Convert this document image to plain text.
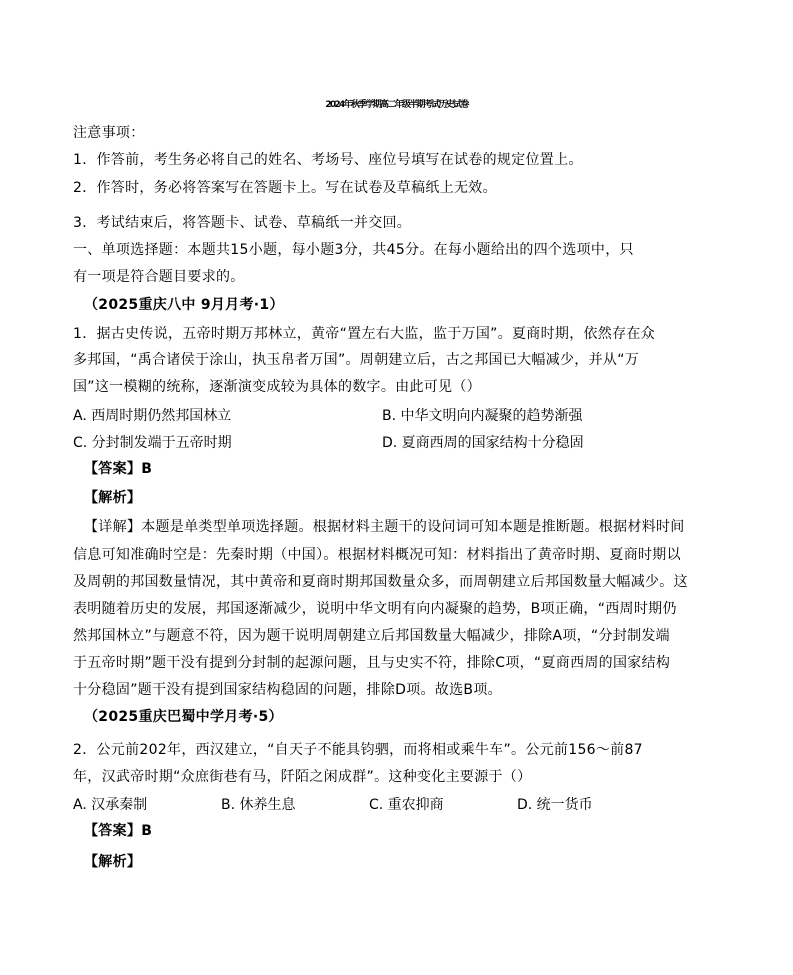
2024年秋季学期高二年级半期考试历史试卷
注意事项：
1．作答前，考生务必将自己的姓名、考场号、座位号填写在试卷的规定位置上。
2．作答时，务必将答案写在答题卡上。写在试卷及草稿纸上无效。
3．考试结束后，将答题卡、试卷、草稿纸一并交回。
一、单项选择题：本题共15小题，每小题3分，共45分。在每小题给出的四个选项中，只
有一项是符合题目要求的。
（2025重庆八中 9月月考·1）
1．据古史传说，五帝时期万邦林立，黄帝“置左右大监，监于万国”。夏商时期，依然存在众
多邦国，“禹合诸侯于涂山，执玉帛者万国”。周朝建立后，古之邦国已大幅减少，并从“万
国”这一模糊的统称，逐渐演变成较为具体的数字。由此可见（）
A. 西周时期仍然邦国林立	B. 中华文明向内凝聚的趋势渐强
C. 分封制发端于五帝时期	D. 夏商西周的国家结构十分稳固
【答案】B
【解析】
【详解】本题是单类型单项选择题。根据材料主题干的设问词可知本题是推断题。根据材料时间
信息可知准确时空是：先秦时期（中国）。根据材料概况可知：材料指出了黄帝时期、夏商时期以
及周朝的邦国数量情况，其中黄帝和夏商时期邦国数量众多，而周朝建立后邦国数量大幅减少。这
表明随着历史的发展，邦国逐渐减少，说明中华文明有向内凝聚的趋势，B项正确，“西周时期仍
然邦国林立”与题意不符，因为题干说明周朝建立后邦国数量大幅减少，排除A项，“分封制发端
于五帝时期”题干没有提到分封制的起源问题，且与史实不符，排除C项，“夏商西周的国家结构
十分稳固”题干没有提到国家结构稳固的问题，排除D项。故选B项。
（2025重庆巴蜀中学月考·5）
2．公元前202年，西汉建立，“自天子不能具钧驷，而将相或乘牛车”。公元前156～前87
年，汉武帝时期“众庶街巷有马，阡陌之闲成群”。这种变化主要源于（）
A. 汉承秦制	B. 休养生息	C. 重农抑商	D. 统一货币
【答案】B
【解析】
